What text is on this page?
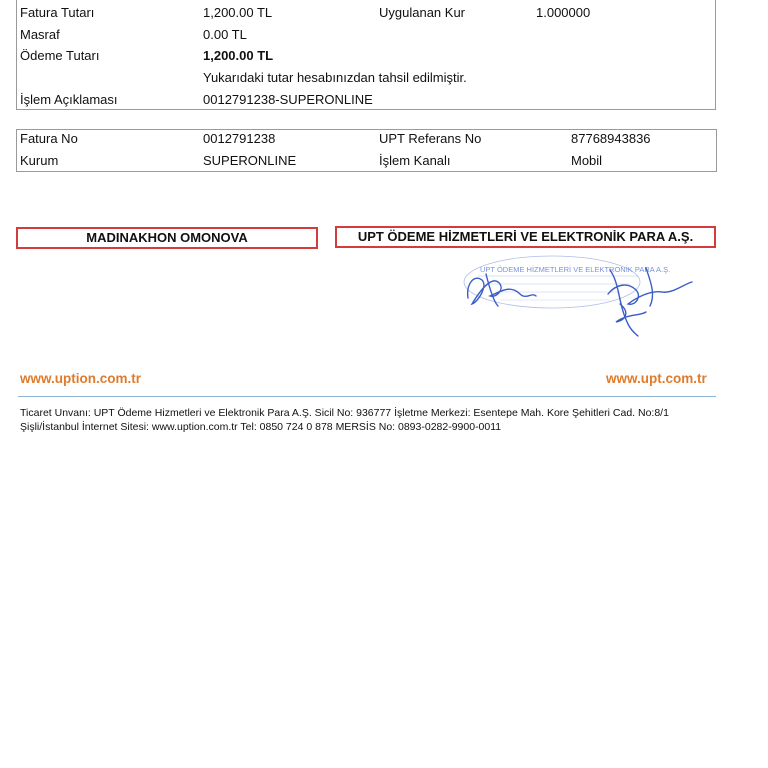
Fatura Tutarı	1,200.00 TL	Uygulanan Kur	1.000000
Masraf	0.00 TL
Ödeme Tutarı	1,200.00 TL
Yukarıdaki tutar hesabınızdan tahsil edilmiştir.
İşlem Açıklaması	0012791238-SUPERONLINE
Fatura No	0012791238	UPT Referans No	87768943836
Kurum	SUPERONLINE	İşlem Kanalı	Mobil
MADINAKHON OMONOVA	UPT ÖDEME HİZMETLERİ VE ELEKTRONİK PARA A.Ş.
UPT ÖDEME HİZMETLERİ VE ELEKTRONİK PARA A.Ş.
www.uption.com.tr	www.upt.com.tr
Ticaret Unvanı: UPT Ödeme Hizmetleri ve Elektronik Para A.Ş. Sicil No: 936777 İşletme Merkezi: Esentepe Mah. Kore Şehitleri Cad. No:8/1
Şişli/İstanbul İnternet Sitesi: www.uption.com.tr Tel: 0850 724 0 878 MERSİS No: 0893-0282-9900-0011
